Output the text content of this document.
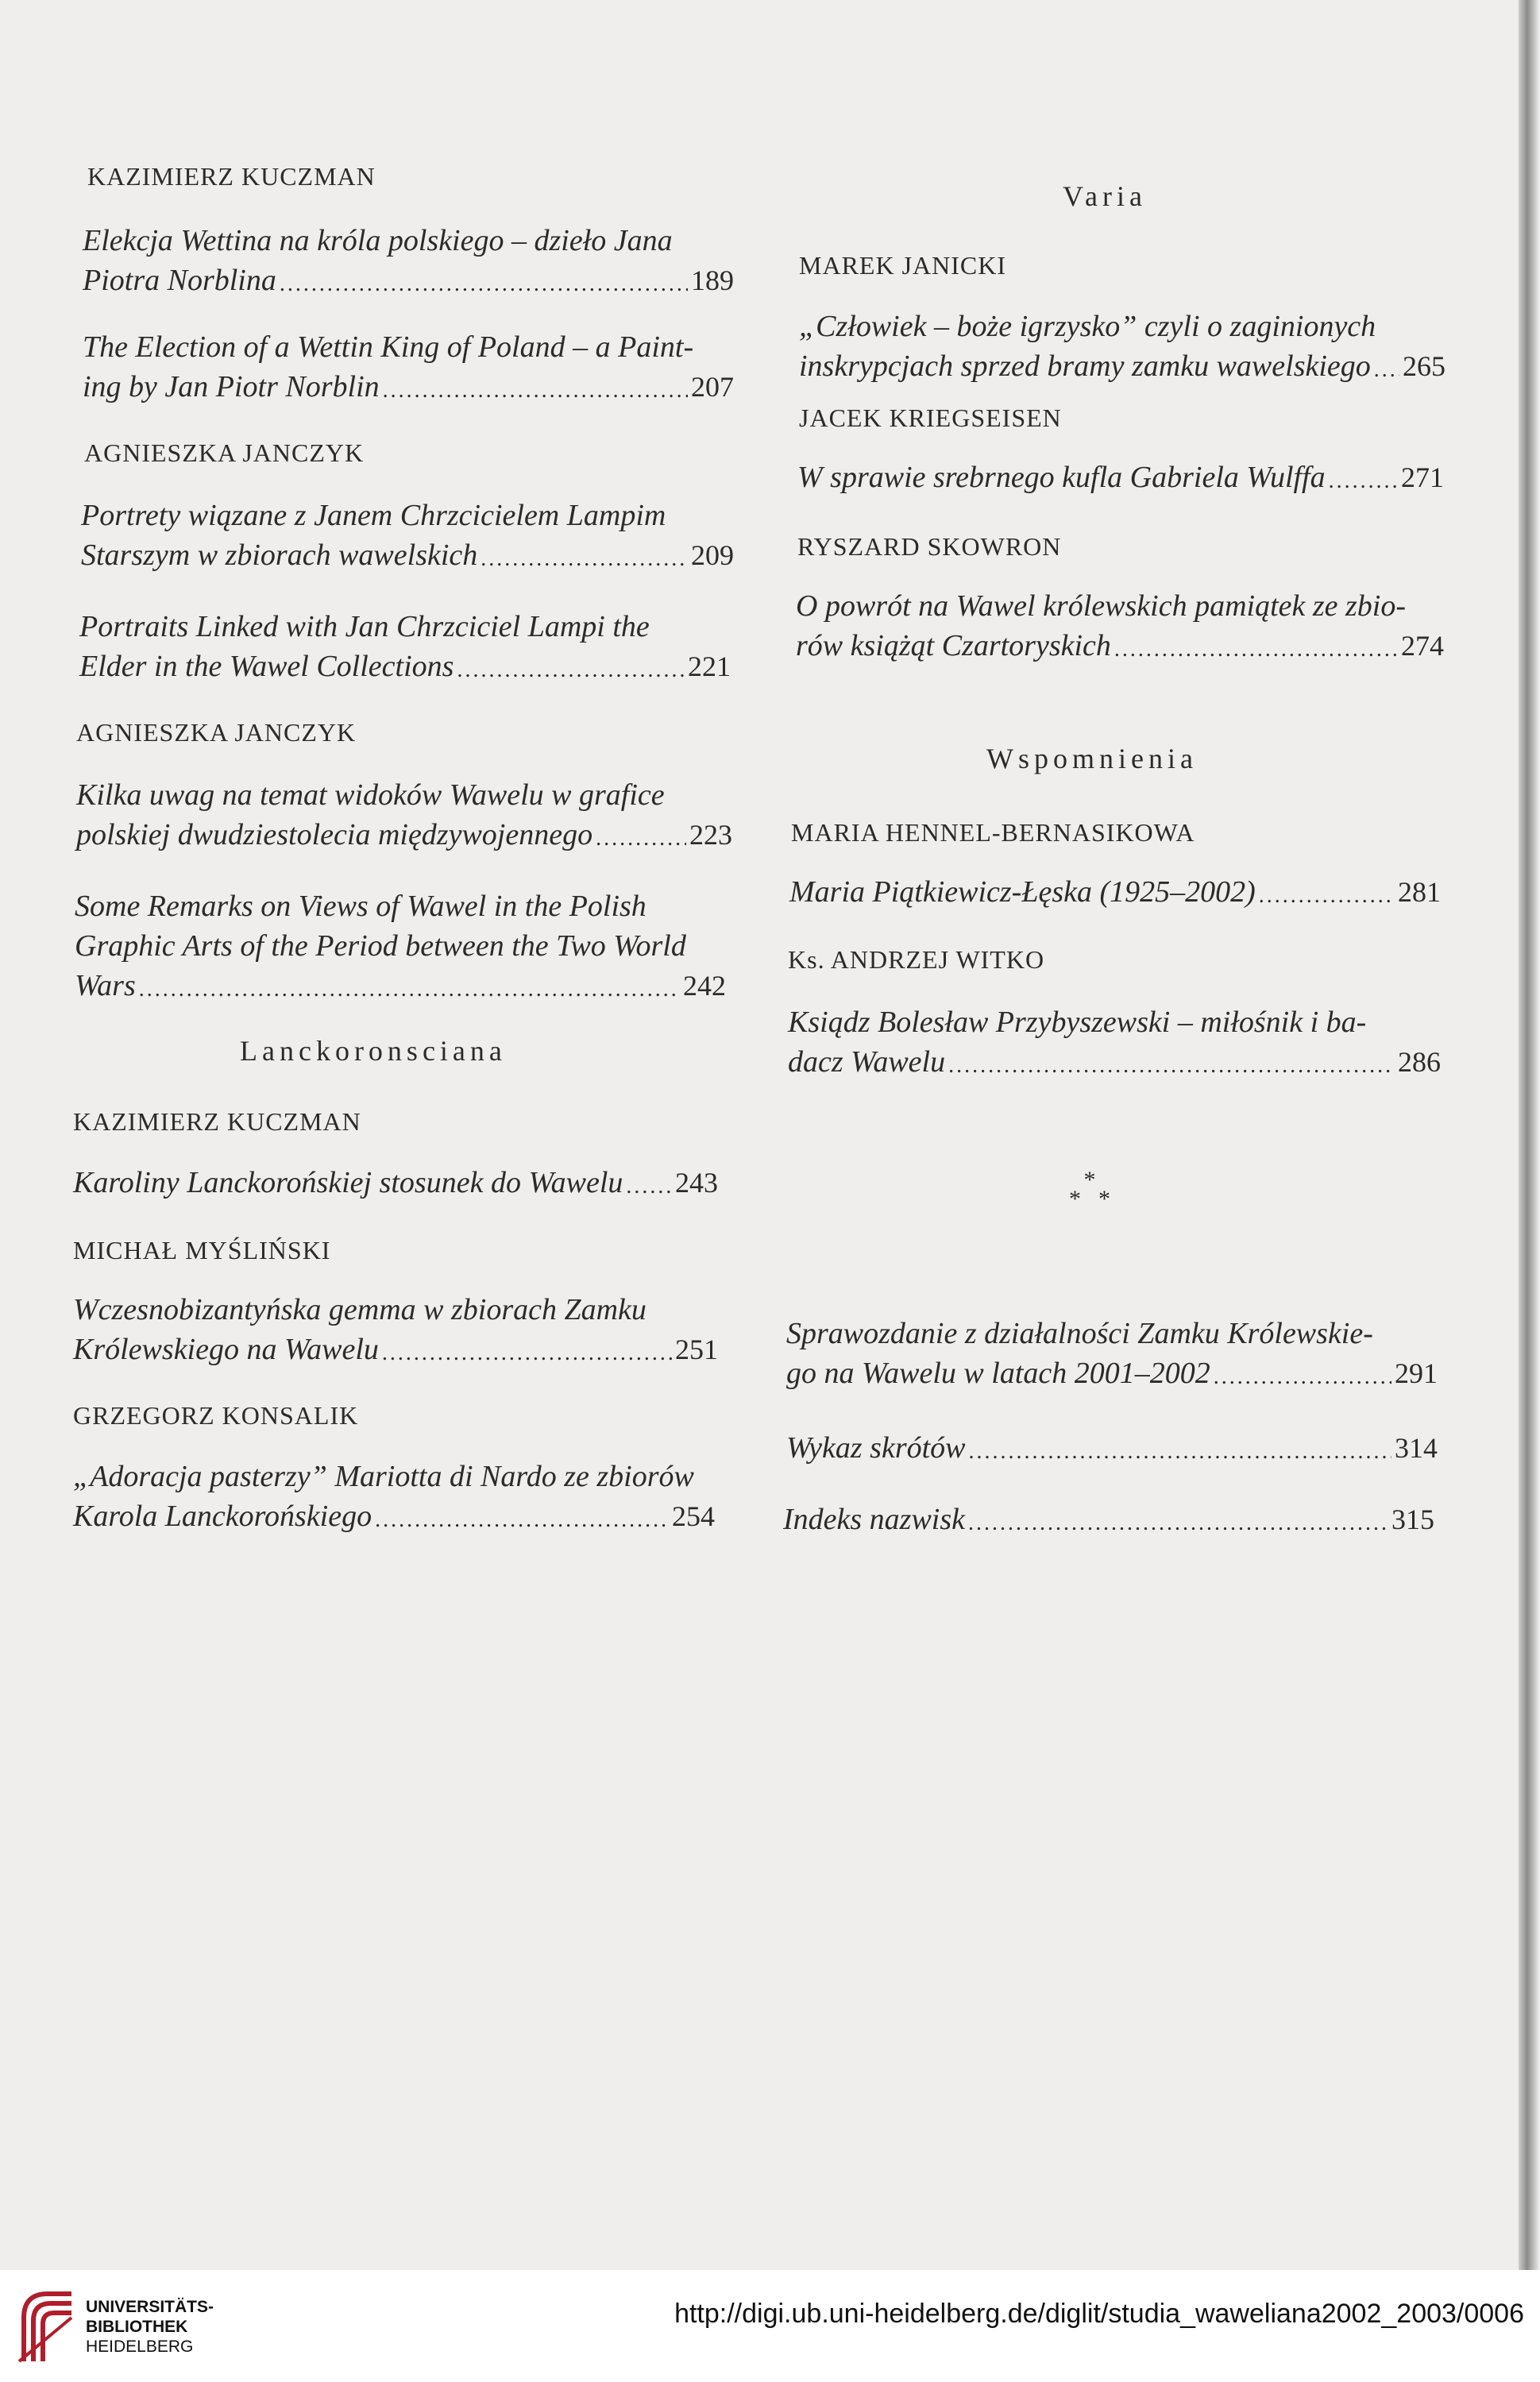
KAZIMIERZ KUCZMAN
Elekcja Wettina na króla polskiego – dzieło Jana
Piotra Norblina .....	189
The Election of a Wettin King of Poland – a Paint-
ing by Jan Piotr Norblin .....	207
AGNIESZKA JANCZYK
Portrety wiązane z Janem Chrzcicielem Lampim
Starszym w zbiorach wawelskich .....	209
Portraits Linked with Jan Chrzciciel Lampi the
Elder in the Wawel Collections .....	221
AGNIESZKA JANCZYK
Kilka uwag na temat widoków Wawelu w grafice
polskiej dwudziestolecia międzywojennego .....	223
Some Remarks on Views of Wawel in the Polish
Graphic Arts of the Period between the Two World
Wars .....	242
Lanckoronsciana
KAZIMIERZ KUCZMAN
Karoliny Lanckorońskiej stosunek do Wawelu ..... 243
MICHAŁ MYŚLIŃSKI
Wczesnobizantyńska gemma w zbiorach Zamku
Królewskiego na Wawelu .....	251
GRZEGORZ KONSALIK
„Adoracja pasterzy” Mariotta di Nardo ze zbiorów
Karola Lanckorońskiego .....	254
Varia
MAREK JANICKI
„Człowiek – boże igrzysko” czyli o zaginionych
inskrypcjach sprzed bramy zamku wawelskiego ..... 265
JACEK KRIEGSEISEN
W sprawie srebrnego kufla Gabriela Wulffa .....	271
RYSZARD SKOWRON
O powrót na Wawel królewskich pamiątek ze zbio-
rów książąt Czartoryskich .....	274
Wspomnienia
MARIA HENNEL-BERNASIKOWA
Maria Piątkiewicz-Łęska (1925–2002) .....	281
Ks. ANDRZEJ WITKO
Ksiądz Bolesław Przybyszewski – miłośnik i ba-
dacz Wawelu .....	286
*
**
Sprawozdanie z działalności Zamku Królewskie-
go na Wawelu w latach 2001–2002 .....	291
Wykaz skrótów .....	314
Indeks nazwisk .....	315
UNIVERSITÄTS-
BIBLIOTHEK
HEIDELBERG
http://digi.ub.uni-heidelberg.de/diglit/studia_waweliana2002_2003/0006
